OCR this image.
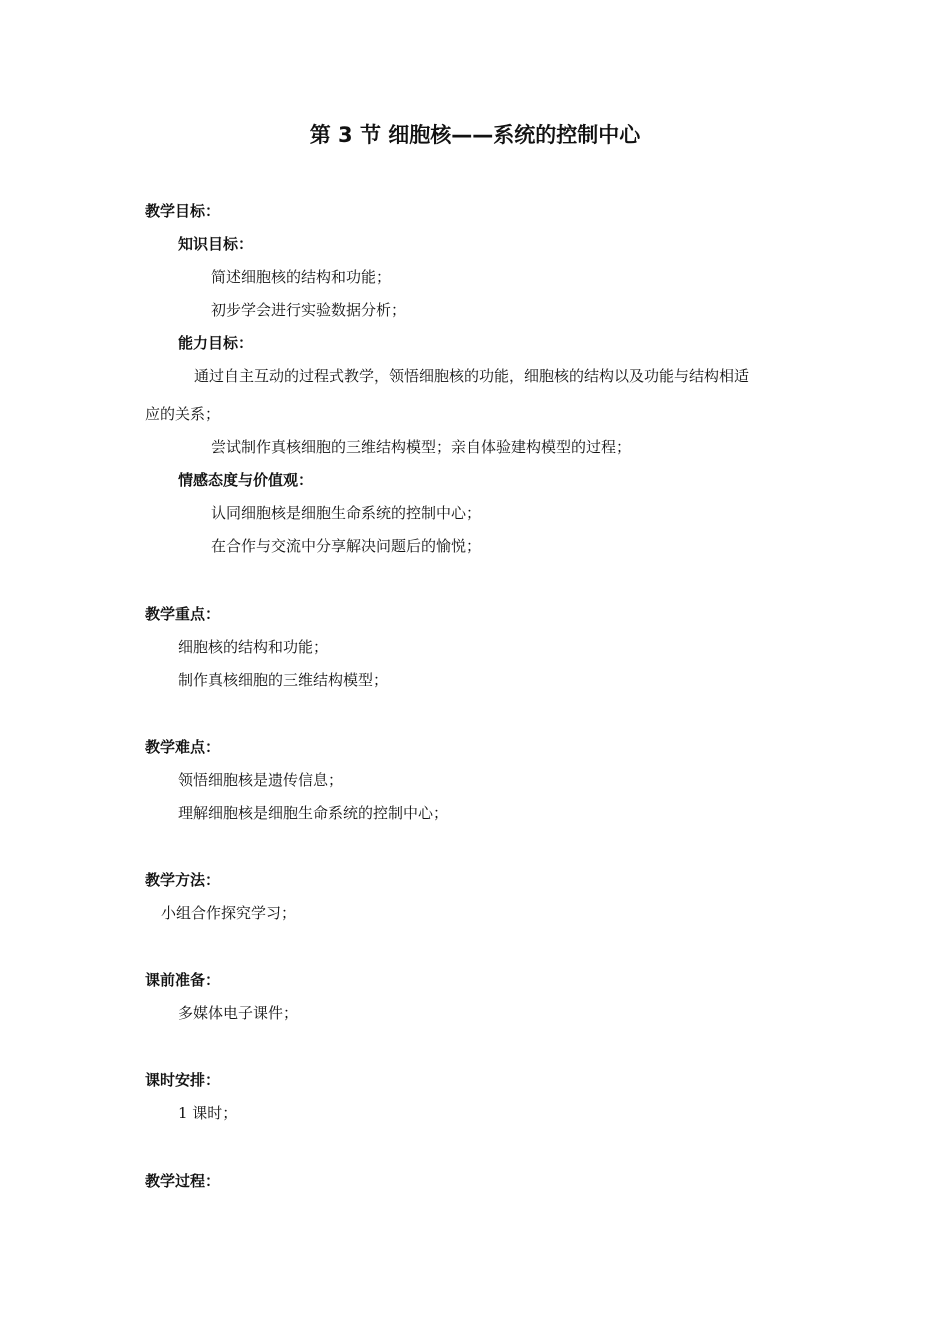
第 3 节 细胞核——系统的控制中心
教学目标：
知识目标：
简述细胞核的结构和功能；
初步学会进行实验数据分析；
能力目标：
通过自主互动的过程式教学，领悟细胞核的功能，细胞核的结构以及功能与结构相适
应的关系；
尝试制作真核细胞的三维结构模型；亲自体验建构模型的过程；
情感态度与价值观：
认同细胞核是细胞生命系统的控制中心；
在合作与交流中分享解决问题后的愉悦；
教学重点：
细胞核的结构和功能；
制作真核细胞的三维结构模型；
教学难点：
领悟细胞核是遗传信息；
理解细胞核是细胞生命系统的控制中心；
教学方法：
小组合作探究学习；
课前准备：
多媒体电子课件；
课时安排：
1 课时；
教学过程：
